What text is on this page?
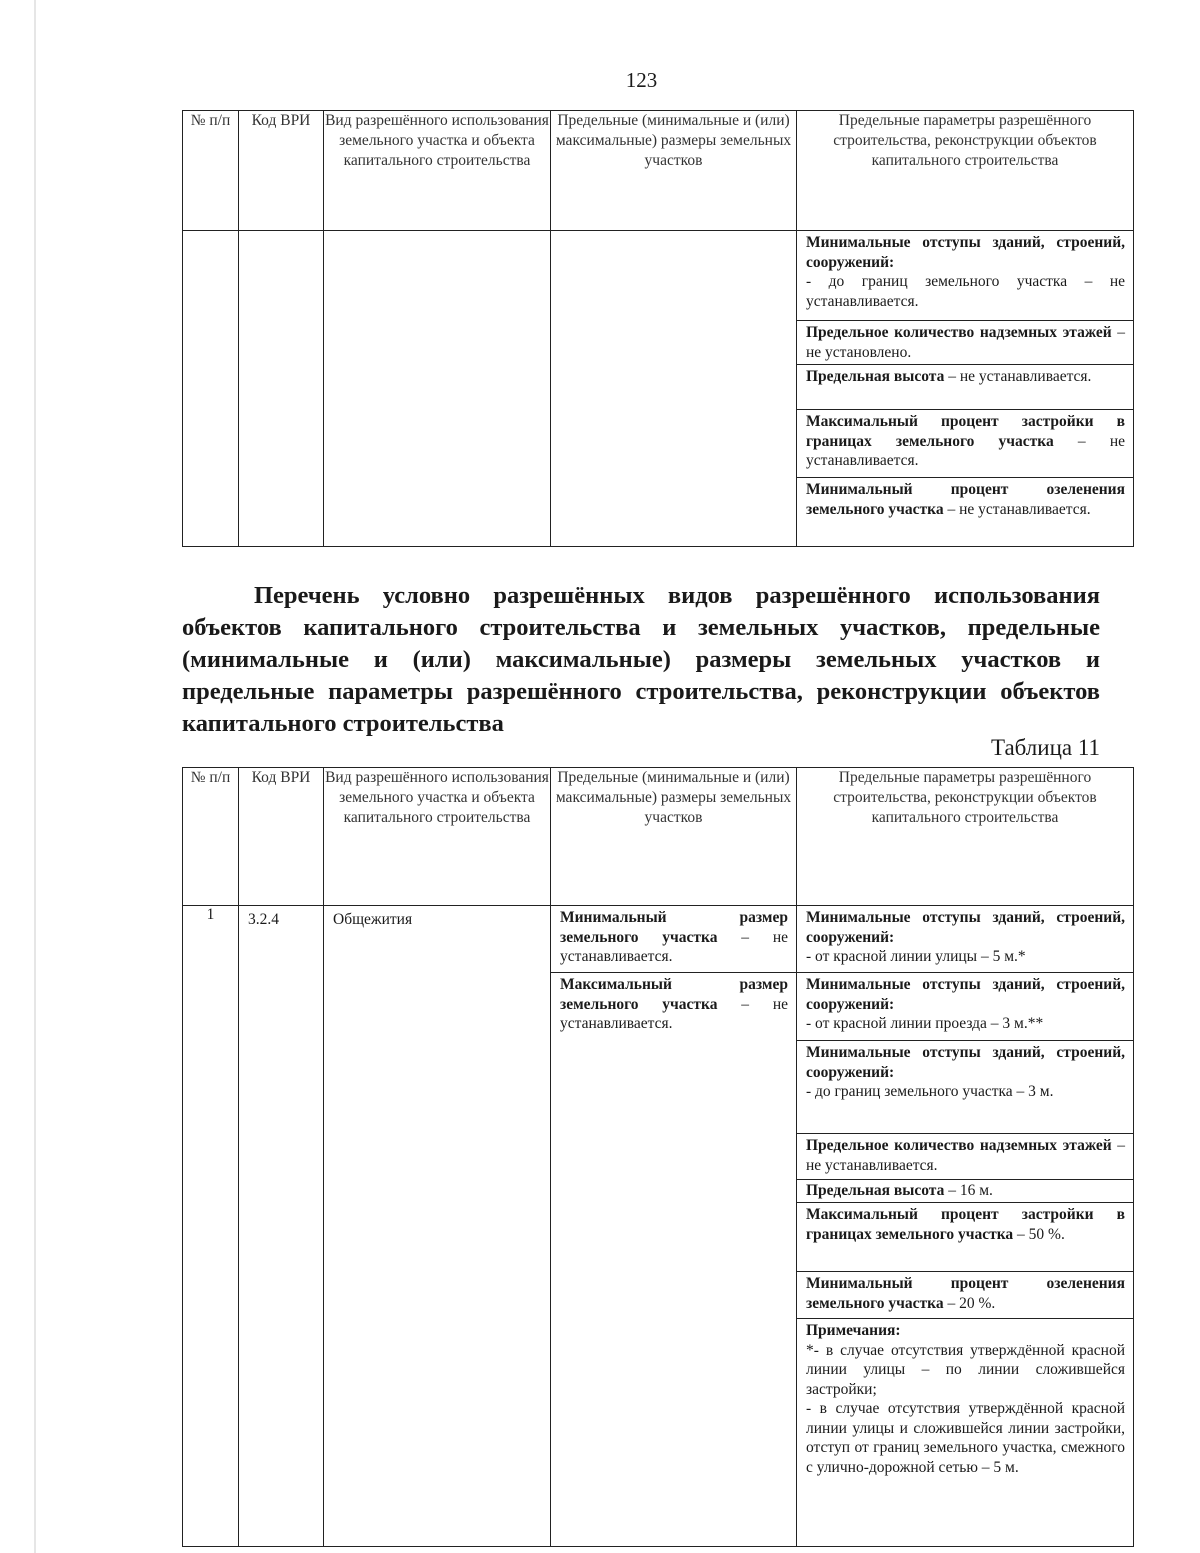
123
№ п/п	Код ВРИ	Вид разрешённого использования земельного участка и объекта капитального строительства	Предельные (минимальные и (или) максимальные) размеры земельных участков	Предельные параметры разрешённого строительства, реконструкции объектов капитального строительства

				Минимальные отступы зданий, строений, сооружений:
- до границ земельного участка – не устанавливается.

				Предельное количество надземных этажей – не установлено.

				Предельная высота – не устанавливается.

				Максимальный процент застройки в границах земельного участка – не устанавливается.

				Минимальный процент озеленения земельного участка – не устанавливается.
Перечень условно разрешённых видов разрешённого использования объектов капитального строительства и земельных участков, предельные (минимальные и (или) максимальные) размеры земельных участков и предельные параметры разрешённого строительства, реконструкции объектов капитального строительства
Таблица 11
№ п/п	Код ВРИ	Вид разрешённого использования земельного участка и объекта капитального строительства	Предельные (минимальные и (или) максимальные) размеры земельных участков	Предельные параметры разрешённого строительства, реконструкции объектов капитального строительства
1	3.2.4	Общежития	Минимальный размер земельного участка – не устанавливается.	Минимальные отступы зданий, строений, сооружений:
- от красной линии улицы – 5 м.*

			Максимальный размер земельного участка – не устанавливается.	Минимальные отступы зданий, строений, сооружений:
- от красной линии проезда – 3 м.**

				Минимальные отступы зданий, строений, сооружений:
- до границ земельного участка – 3 м.

				Предельное количество надземных этажей – не устанавливается.

				Предельная высота – 16 м.

				Максимальный процент застройки в границах земельного участка – 50 %.

				Минимальный процент озеленения земельного участка – 20 %.

				Примечания:
*- в случае отсутствия утверждённой красной линии улицы – по линии сложившейся застройки;
- в случае отсутствия утверждённой красной линии улицы и сложившейся линии застройки, отступ от границ земельного участка, смежного с улично-дорожной сетью – 5 м.
